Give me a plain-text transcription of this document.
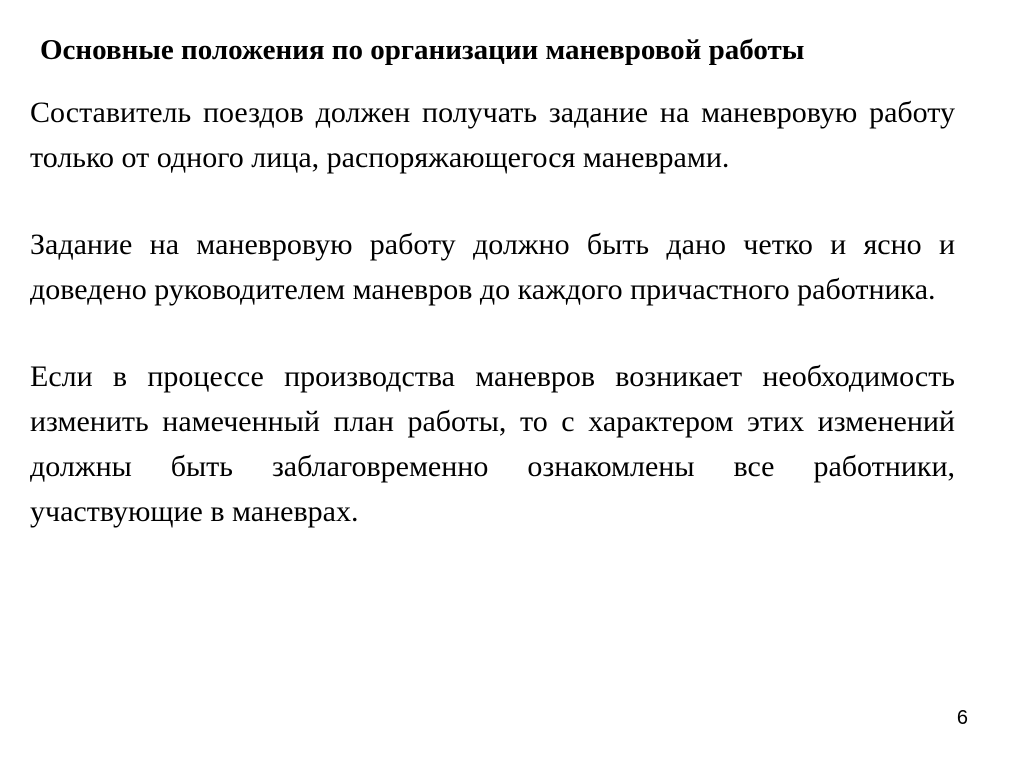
Основные положения по организации маневровой работы

Составитель поездов должен получать задание на маневровую работу только от одного лица, распоряжающегося маневрами.

Задание на маневровую работу должно быть дано четко и ясно и доведено руководителем маневров до каждого причастного работника.

Если в процессе производства маневров возникает необходимость изменить намеченный план работы, то с характером этих изменений должны быть заблаговременно ознакомлены все работники, участвующие в маневрах.

6
